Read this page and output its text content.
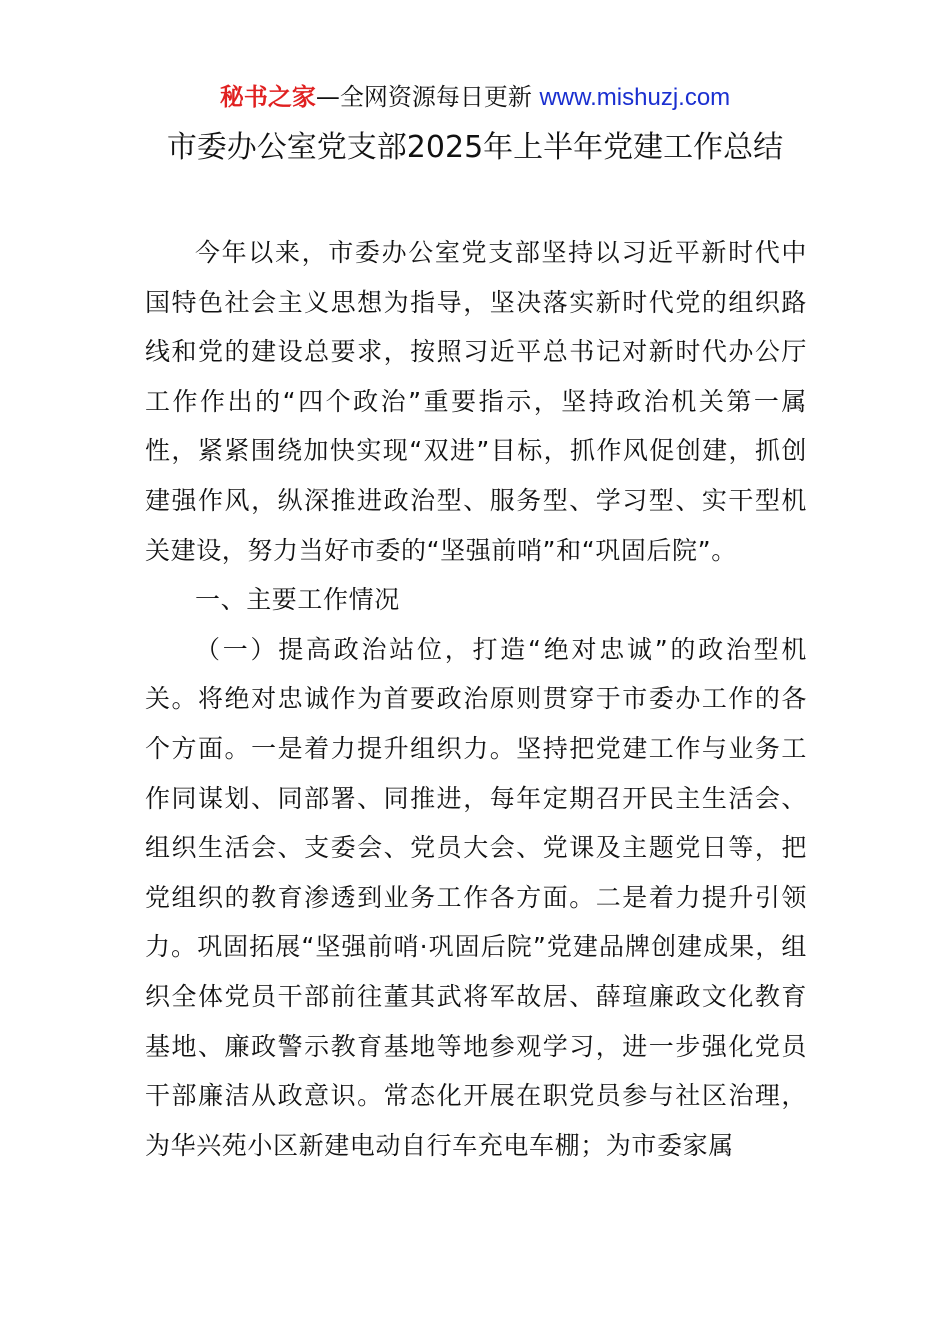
秘书之家—全网资源每日更新 www.mishuzj.com
市委办公室党支部2025年上半年党建工作总结

今年以来，市委办公室党支部坚持以习近平新时代中国特色社会主义思想为指导，坚决落实新时代党的组织路线和党的建设总要求，按照习近平总书记对新时代办公厅工作作出的“四个政治”重要指示，坚持政治机关第一属性，紧紧围绕加快实现“双进”目标，抓作风促创建，抓创建强作风，纵深推进政治型、服务型、学习型、实干型机关建设，努力当好市委的“坚强前哨”和“巩固后院”。

一、主要工作情况

（一）提高政治站位，打造“绝对忠诚”的政治型机关。将绝对忠诚作为首要政治原则贯穿于市委办工作的各个方面。一是着力提升组织力。坚持把党建工作与业务工作同谋划、同部署、同推进，每年定期召开民主生活会、组织生活会、支委会、党员大会、党课及主题党日等，把党组织的教育渗透到业务工作各方面。二是着力提升引领力。巩固拓展“坚强前哨·巩固后院”党建品牌创建成果，组织全体党员干部前往董其武将军故居、薛瑄廉政文化教育基地、廉政警示教育基地等地参观学习，进一步强化党员干部廉洁从政意识。常态化开展在职党员参与社区治理，为华兴苑小区新建电动自行车充电车棚；为市委家属
